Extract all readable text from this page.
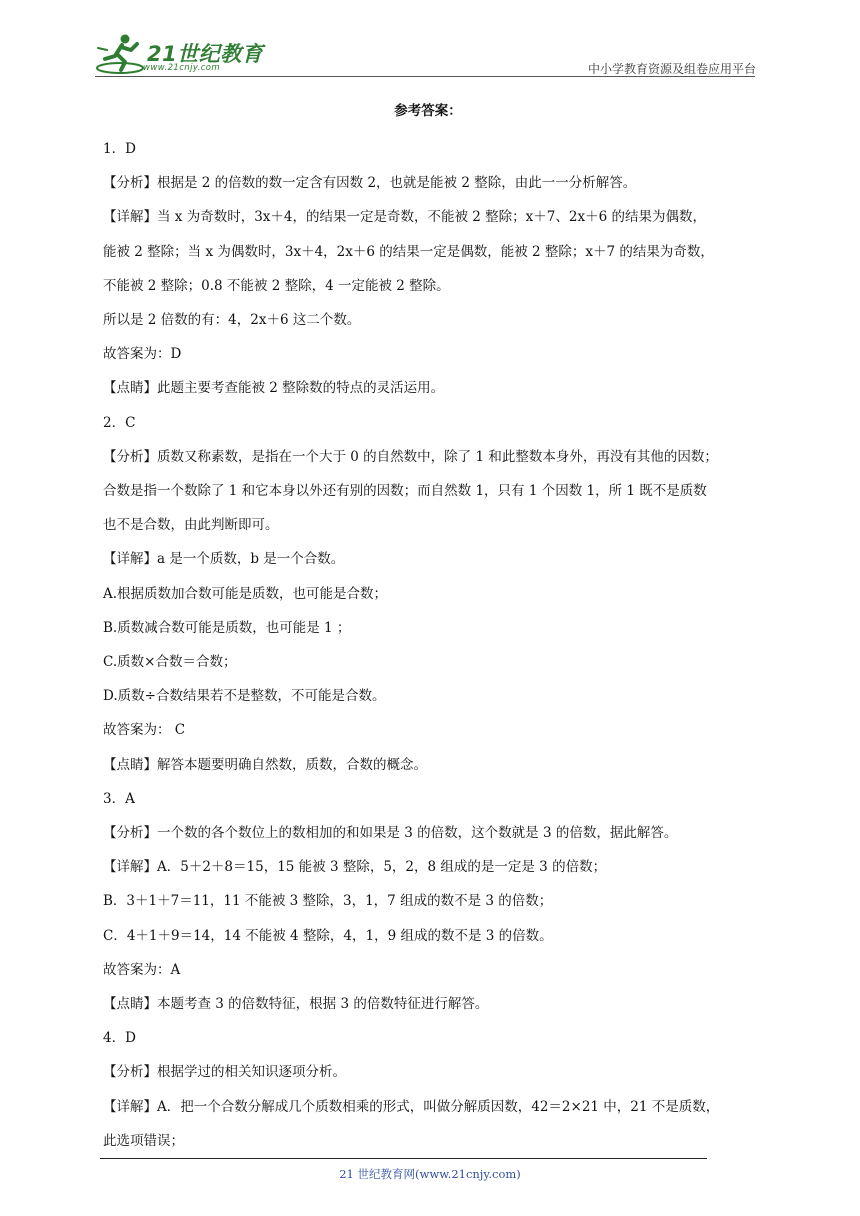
21世纪教育
www.21cnjy.com	中小学教育资源及组卷应用平台
参考答案：
1．D
【分析】根据是 2 的倍数的数一定含有因数 2，也就是能被 2 整除，由此一一分析解答。
【详解】当 x 为奇数时，3x＋4，的结果一定是奇数，不能被 2 整除；x＋7、2x＋6 的结果为偶数，
能被 2 整除；当 x 为偶数时，3x＋4，2x＋6 的结果一定是偶数，能被 2 整除；x＋7 的结果为奇数，
不能被 2 整除；0.8 不能被 2 整除，4 一定能被 2 整除。
所以是 2 倍数的有：4，2x＋6 这二个数。
故答案为：D
【点睛】此题主要考查能被 2 整除数的特点的灵活运用。
2．C
【分析】质数又称素数，是指在一个大于 0 的自然数中，除了 1 和此整数本身外，再没有其他的因数；
合数是指一个数除了 1 和它本身以外还有别的因数；而自然数 1，只有 1 个因数 1，所 1 既不是质数
也不是合数，由此判断即可。
【详解】a 是一个质数，b 是一个合数。
A.根据质数加合数可能是质数，也可能是合数；
B.质数减合数可能是质数，也可能是 1 ；
C.质数×合数＝合数；
D.质数÷合数结果若不是整数，不可能是合数。
故答案为： C
【点睛】解答本题要明确自然数，质数，合数的概念。
3．A
【分析】一个数的各个数位上的数相加的和如果是 3 的倍数，这个数就是 3 的倍数，据此解答。
【详解】A．5＋2＋8＝15，15 能被 3 整除，5，2，8 组成的是一定是 3 的倍数；
B．3＋1＋7＝11，11 不能被 3 整除，3，1，7 组成的数不是 3 的倍数；
C．4＋1＋9＝14，14 不能被 4 整除，4，1，9 组成的数不是 3 的倍数。
故答案为：A
【点睛】本题考查 3 的倍数特征，根据 3 的倍数特征进行解答。
4．D
【分析】根据学过的相关知识逐项分析。
【详解】A．把一个合数分解成几个质数相乘的形式，叫做分解质因数，42＝2×21 中，21 不是质数，
此选项错误；
21 世纪教育网(www.21cnjy.com)
